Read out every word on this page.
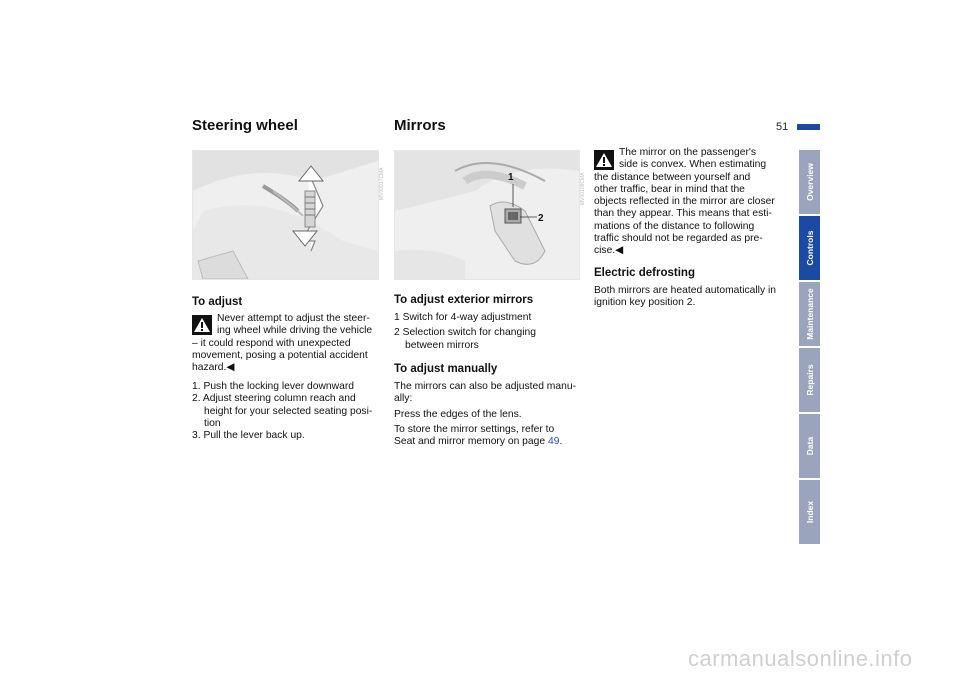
51
Steering wheel	Mirrors
MV00917CMA	1
2
MV00108CMA
To adjust
Never attempt to adjust the steer-
ing wheel while driving the vehicle
– it could respond with unexpected
movement, posing a potential accident
hazard.◀
1. Push the locking lever downward
2. Adjust steering column reach and
height for your selected seating posi-
tion
3. Pull the lever back up.
To adjust exterior mirrors
1 Switch for 4-way adjustment
2 Selection switch for changing
between mirrors
To adjust manually
The mirrors can also be adjusted manu-
ally:
Press the edges of the lens.
To store the mirror settings, refer to
Seat and mirror memory on page 49.
The mirror on the passenger's
side is convex. When estimating
the distance between yourself and
other traffic, bear in mind that the
objects reflected in the mirror are closer
than they appear. This means that esti-
mations of the distance to following
traffic should not be regarded as pre-
cise.◀
Electric defrosting
Both mirrors are heated automatically in
ignition key position 2.
Overview
Controls
Maintenance
Repairs
Data
Index
carmanualsonline.info
